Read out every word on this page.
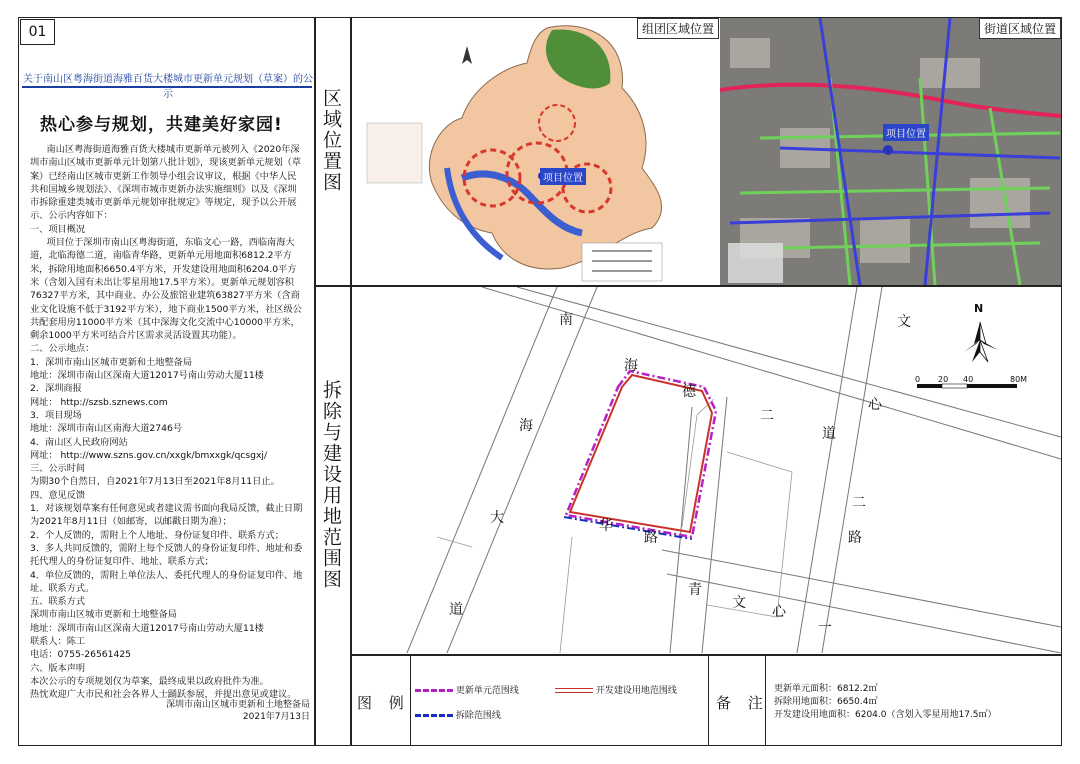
01
关于南山区粤海街道海雅百货大楼城市更新单元规划（草案）的公示
热心参与规划，共建美好家园!

南山区粤海街道海雅百货大楼城市更新单元被列入《2020年深圳市南山区城市更新单元计划第八批计划》，现该更新单元规划（草案）已经南山区城市更新工作领导小组会议审议，根据《中华人民共和国城乡规划法》、《深圳市城市更新办法实施细则》以及《深圳市拆除重建类城市更新单元规划审批规定》等规定，现予以公开展示、公示内容如下：

一、项目概况

项目位于深圳市南山区粤海街道，东临文心一路，西临南海大道，北临海德二道，南临青华路，更新单元用地面积6812.2平方米，拆除用地面积6650.4平方米，开发建设用地面积6204.0平方米（含划入国有未出让零星用地17.5平方米）。更新单元规划容积76327平方米，其中商业、办公及旅馆业建筑63827平方米（含商业文化设施不低于3192平方米），地下商业1500平方米，社区级公共配套用房11000平方米（其中深海文化交流中心10000平方米，剩余1000平方米可结合片区需求灵活设置其功能）。

二、公示地点：

1．深圳市南山区城市更新和土地整备局

地址：深圳市南山区深南大道12017号南山劳动大厦11楼

2．深圳商报

网址： http://szsb.sznews.com

3．项目现场

地址：深圳市南山区南海大道2746号

4．南山区人民政府网站

网址： http://www.szns.gov.cn/xxgk/bmxxgk/qcsgxj/

三、公示时间

为期30个自然日，自2021年7月13日至2021年8月11日止。

四、意见反馈

1．对该规划草案有任何意见或者建议需书面向我局反馈，截止日期为2021年8月11日（如邮寄，以邮戳日期为准）；

2．个人反馈的，需附上个人地址、身份证复印件、联系方式；

3．多人共同反馈的，需附上每个反馈人的身份证复印件、地址和委托代理人的身份证复印件、地址、联系方式；

4．单位反馈的，需附上单位法人、委托代理人的身份证复印件、地址、联系方式。

五、联系方式

深圳市南山区城市更新和土地整备局

地址：深圳市南山区深南大道12017号南山劳动大厦11楼

联系人：陈工

电话：0755-26561425

六、版本声明

本次公示的专项规划仅为草案，最终成果以政府批件为准。

热忱欢迎广大市民和社会各界人士踊跃参展，并提出意见或建议。

深圳市南山区城市更新和土地整备局
2021年7月13日
区域位置图
拆除与建设用地范围图
组团区域位置
项目位置
街道区域位置
项目位置
N
0 20 40	80M
南
海
大
道
海
德
二
道
文
心
二
路
青
华
路
文
心
一
图 例
更新单元范围线	开发建设用地范围线
拆除范围线
备 注
更新单元面积：6812.2㎡
拆除用地面积：6650.4㎡
开发建设用地面积：6204.0（含划入零星用地17.5㎡）
